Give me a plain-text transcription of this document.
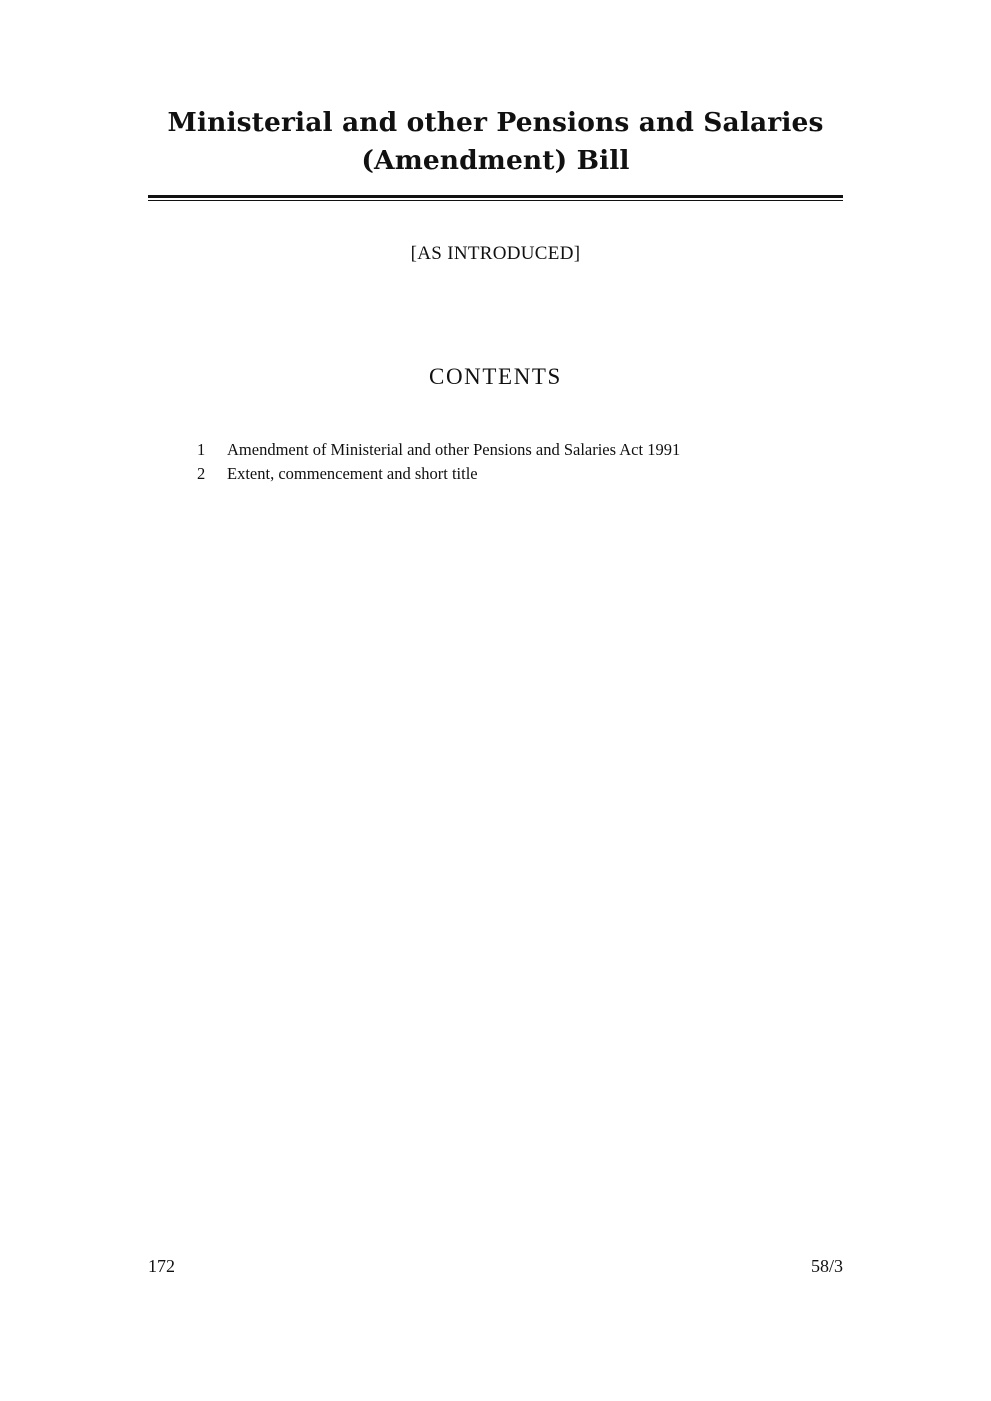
Ministerial and other Pensions and Salaries
(Amendment) Bill

[AS INTRODUCED]

CONTENTS
1	Amendment of Ministerial and other Pensions and Salaries Act 1991
2	Extent, commencement and short title
172	58/3
